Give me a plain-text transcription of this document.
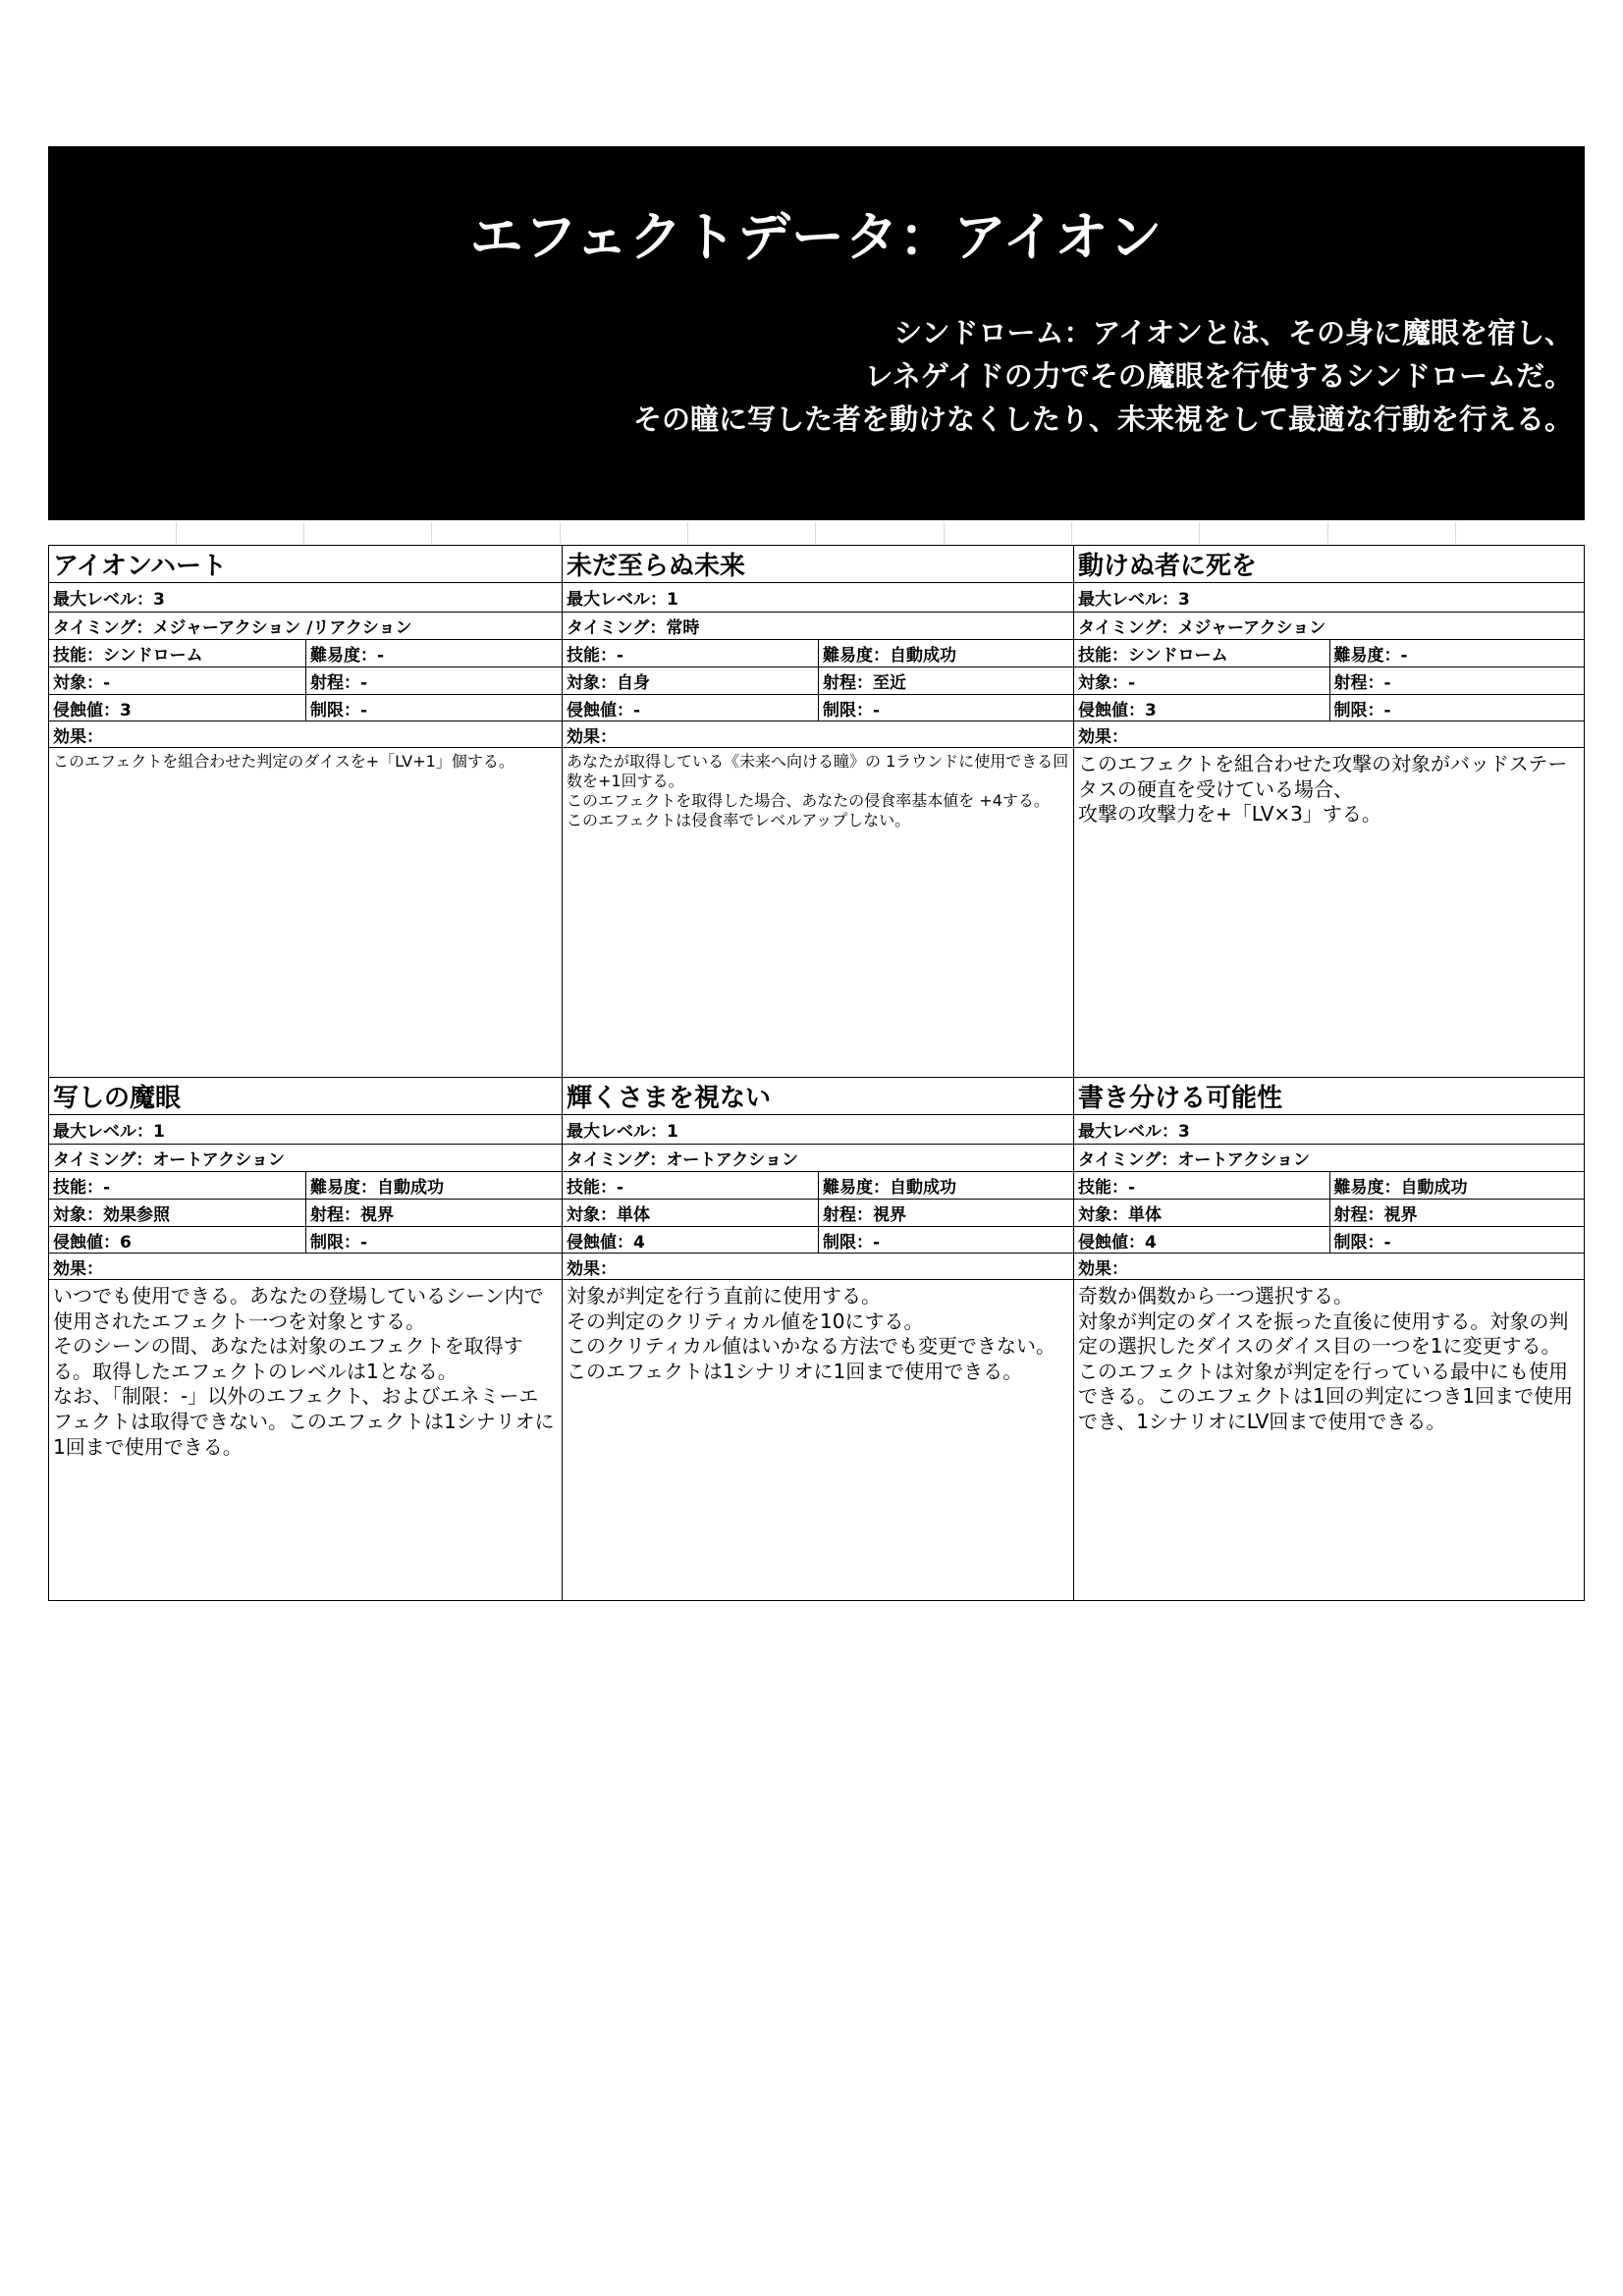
エフェクトデータ：アイオン
シンドローム：アイオンとは、その身に魔眼を宿し、
レネゲイドの力でその魔眼を行使するシンドロームだ。
その瞳に写した者を動けなくしたり、未来視をして最適な行動を行える。
アイオンハート
最大レベル：3
タイミング：メジャーアクション /リアクション
技能：シンドローム	難易度：-
対象：-	射程：-
侵蝕値：3	制限：-
効果：
このエフェクトを組合わせた判定のダイスを+「LV+1」個する。
未だ至らぬ未来
最大レベル：1
タイミング：常時
技能：-	難易度：自動成功
対象：自身	射程：至近
侵蝕値：-	制限：-
効果：
あなたが取得している《未来へ向ける瞳》の 1ラウンドに使用できる回数を+1回する。
このエフェクトを取得した場合、あなたの侵食率基本値を +4する。
このエフェクトは侵食率でレベルアップしない。
動けぬ者に死を
最大レベル：3
タイミング：メジャーアクション
技能：シンドローム	難易度：-
対象：-	射程：-
侵蝕値：3	制限：-
効果：
このエフェクトを組合わせた攻撃の対象がバッドステータスの硬直を受けている場合、
攻撃の攻撃力を+「LV×3」する。
写しの魔眼
最大レベル：1
タイミング：オートアクション
技能：-	難易度：自動成功
対象：効果参照	射程：視界
侵蝕値：6	制限：-
効果：
いつでも使用できる。あなたの登場しているシーン内で使用されたエフェクト一つを対象とする。
そのシーンの間、あなたは対象のエフェクトを取得する。取得したエフェクトのレベルは1となる。
なお、「制限：-」以外のエフェクト、およびエネミーエフェクトは取得できない。このエフェクトは1シナリオに1回まで使用できる。
輝くさまを視ない
最大レベル：1
タイミング：オートアクション
技能：-	難易度：自動成功
対象：単体	射程：視界
侵蝕値：4	制限：-
効果：
対象が判定を行う直前に使用する。
その判定のクリティカル値を10にする。
このクリティカル値はいかなる方法でも変更できない。
このエフェクトは1シナリオに1回まで使用できる。
書き分ける可能性
最大レベル：3
タイミング：オートアクション
技能：-	難易度：自動成功
対象：単体	射程：視界
侵蝕値：4	制限：-
効果：
奇数か偶数から一つ選択する。
対象が判定のダイスを振った直後に使用する。対象の判定の選択したダイスのダイス目の一つを1に変更する。このエフェクトは対象が判定を行っている最中にも使用できる。このエフェクトは1回の判定につき1回まで使用でき、1シナリオにLV回まで使用できる。
